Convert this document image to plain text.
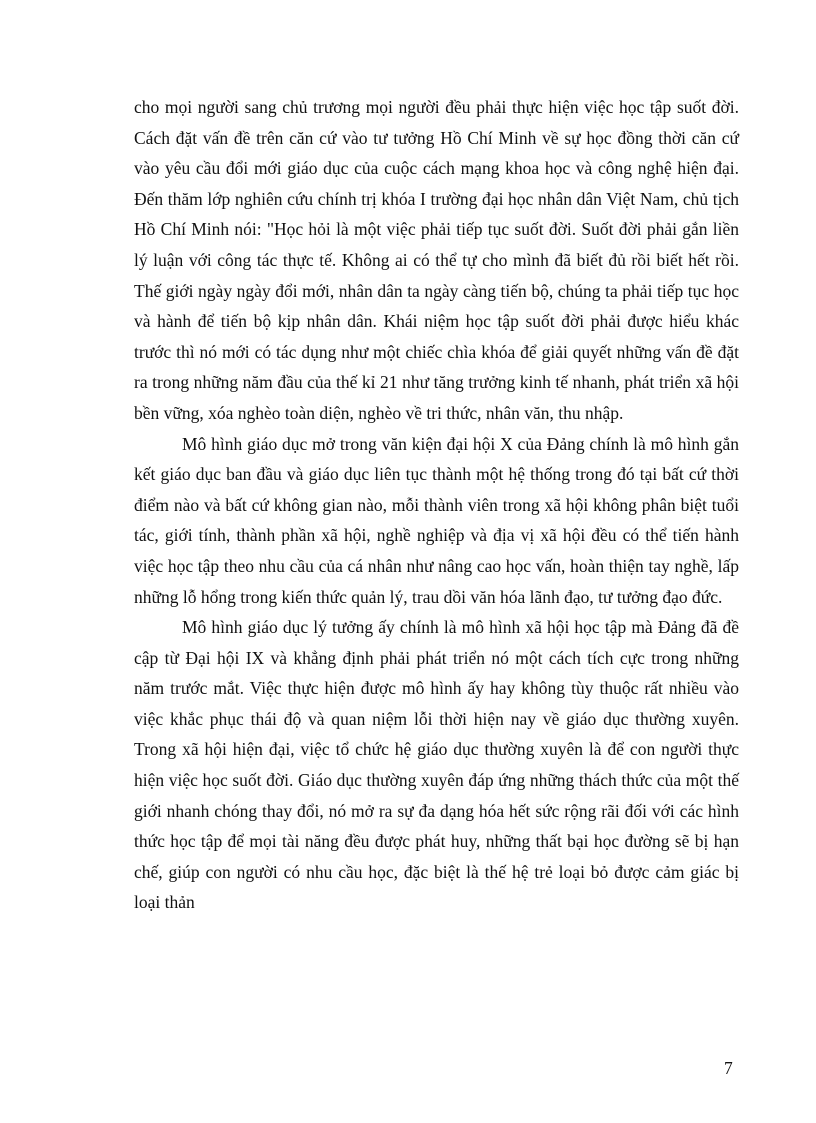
cho mọi người sang chủ trương mọi người đều phải thực hiện việc học tập suốt đời. Cách đặt vấn đề trên căn cứ vào tư tưởng Hồ Chí Minh về sự học đồng thời căn cứ vào yêu cầu đổi mới giáo dục của cuộc cách mạng khoa học và công nghệ hiện đại. Đến thăm lớp nghiên cứu chính trị khóa I trường đại học nhân dân Việt Nam, chủ tịch Hồ Chí Minh nói: "Học hỏi là một việc phải tiếp tục suốt đời. Suốt đời phải gắn liền lý luận với công tác thực tế. Không ai có thể tự cho mình đã biết đủ rồi biết hết rồi. Thế giới ngày ngày đổi mới, nhân dân ta ngày càng tiến bộ, chúng ta phải tiếp tục học và hành để tiến bộ kịp nhân dân. Khái niệm học tập suốt đời phải được hiểu khác trước thì nó mới có tác dụng như một chiếc chìa khóa để giải quyết những vấn đề đặt ra trong những năm đầu của thế kỉ 21 như tăng trưởng kinh tế nhanh, phát triển xã hội bền vững, xóa nghèo toàn diện, nghèo về tri thức, nhân văn, thu nhập.

Mô hình giáo dục mở trong văn kiện đại hội X của Đảng chính là mô hình gắn kết giáo dục ban đầu và giáo dục liên tục thành một hệ thống trong đó tại bất cứ thời điểm nào và bất cứ không gian nào, mỗi thành viên trong xã hội không phân biệt tuổi tác, giới tính, thành phần xã hội, nghề nghiệp và địa vị xã hội đều có thể tiến hành việc học tập theo nhu cầu của cá nhân như nâng cao học vấn, hoàn thiện tay nghề, lấp những lỗ hổng trong kiến thức quản lý, trau dồi văn hóa lãnh đạo, tư tưởng đạo đức.

Mô hình giáo dục lý tưởng ấy chính là mô hình xã hội học tập mà Đảng đã đề cập từ Đại hội IX và khẳng định phải phát triển nó một cách tích cực trong những năm trước mắt. Việc thực hiện được mô hình ấy hay không tùy thuộc rất nhiều vào việc khắc phục thái độ và quan niệm lỗi thời hiện nay về giáo dục thường xuyên. Trong xã hội hiện đại, việc tổ chức hệ giáo dục thường xuyên là để con người thực hiện việc học suốt đời. Giáo dục thường xuyên đáp ứng những thách thức của một thế giới nhanh chóng thay đổi, nó mở ra sự đa dạng hóa hết sức rộng rãi đối với các hình thức học tập để mọi tài năng đều được phát huy, những thất bại học đường sẽ bị hạn chế, giúp con người có nhu cầu học, đặc biệt là thế hệ trẻ loại bỏ được cảm giác bị loại thản

7
